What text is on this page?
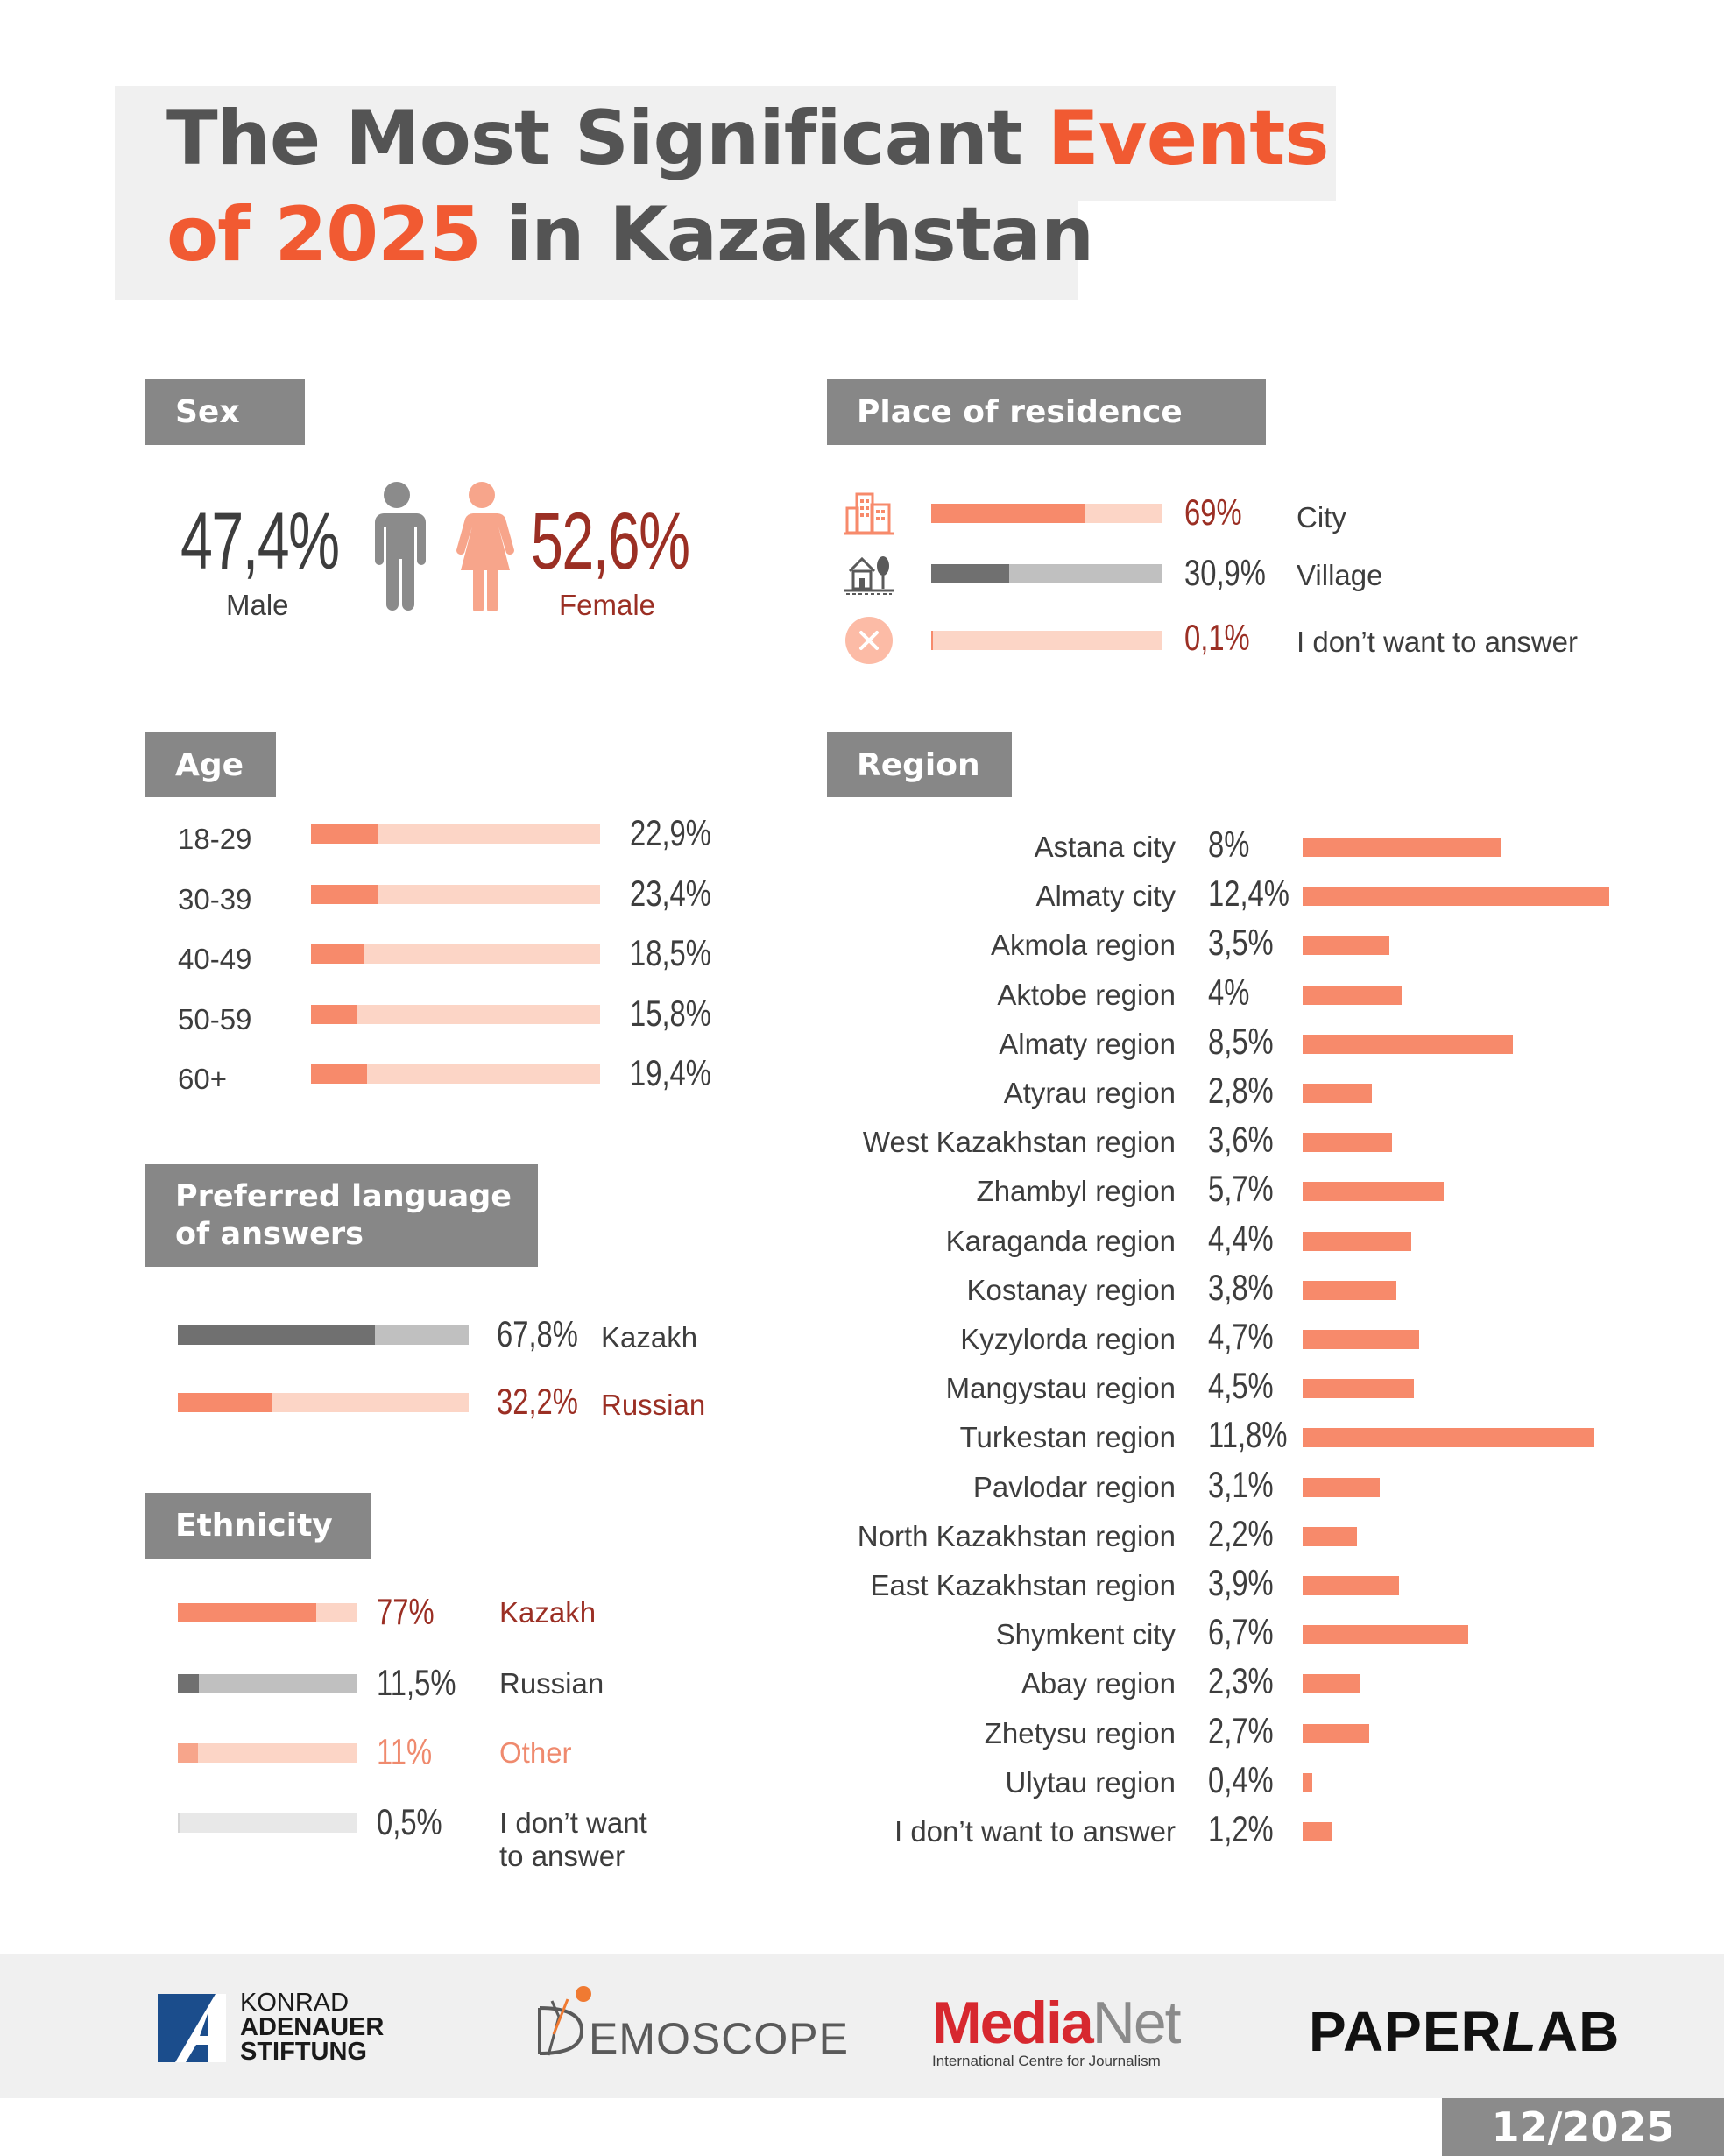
The Most Significant Events
of 2025 in Kazakhstan
Sex
47,4%
Male
52,6%
Female
Place of residence
69% City
30,9% Village
0,1% I don’t want to answer
Age
Preferred language
of answers
Ethnicity
Region
KONRAD
ADENAUER
STIFTUNG	EMOSCOPE MediaNet
International Centre for Journalism	PAPERLAB
12/2025
18-29	22,9%
30-39	23,4%
40-49	18,5%
50-59	15,8%
60+	19,4%
67,8% Kazakh
32,2% Russian
77% Kazakh
11,5% Russian
11% Other
0,5% I don’t want
to answer
Astana city 8%
Almaty city 12,4%
Akmola region 3,5%
Aktobe region 4%
Almaty region 8,5%
Atyrau region 2,8%
West Kazakhstan region 3,6%
Zhambyl region 5,7%
Karaganda region 4,4%
Kostanay region 3,8%
Kyzylorda region 4,7%
Mangystau region 4,5%
Turkestan region 11,8%
Pavlodar region 3,1%
North Kazakhstan region 2,2%
East Kazakhstan region 3,9%
Shymkent city 6,7%
Abay region 2,3%
Zhetysu region 2,7%
Ulytau region 0,4%
I don’t want to answer 1,2%
